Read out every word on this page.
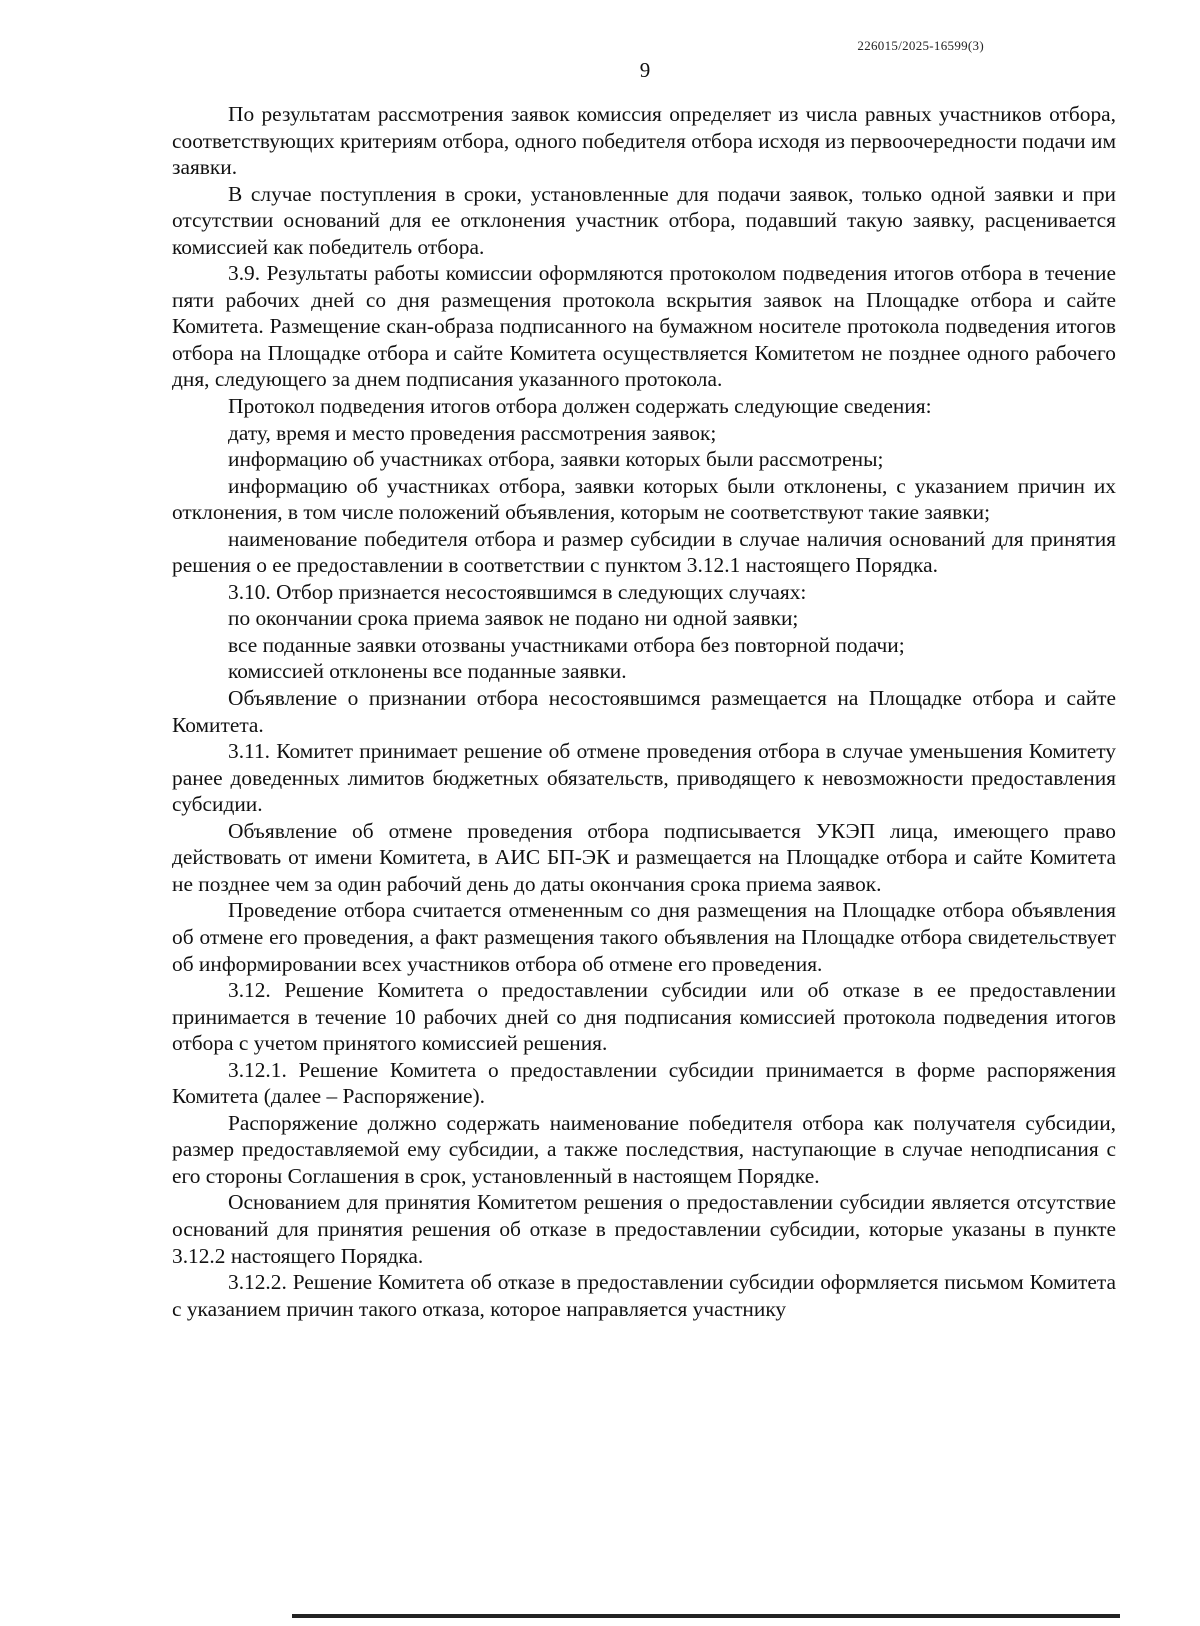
226015/2025-16599(3)
9

По результатам рассмотрения заявок комиссия определяет из числа равных участников отбора, соответствующих критериям отбора, одного победителя отбора исходя из первоочередности подачи им заявки.

В случае поступления в сроки, установленные для подачи заявок, только одной заявки и при отсутствии оснований для ее отклонения участник отбора, подавший такую заявку, расценивается комиссией как победитель отбора.

3.9. Результаты работы комиссии оформляются протоколом подведения итогов отбора в течение пяти рабочих дней со дня размещения протокола вскрытия заявок на Площадке отбора и сайте Комитета. Размещение скан-образа подписанного на бумажном носителе протокола подведения итогов отбора на Площадке отбора и сайте Комитета осуществляется Комитетом не позднее одного рабочего дня, следующего за днем подписания указанного протокола.

Протокол подведения итогов отбора должен содержать следующие сведения:

дату, время и место проведения рассмотрения заявок;

информацию об участниках отбора, заявки которых были рассмотрены;

информацию об участниках отбора, заявки которых были отклонены, с указанием причин их отклонения, в том числе положений объявления, которым не соответствуют такие заявки;

наименование победителя отбора и размер субсидии в случае наличия оснований для принятия решения о ее предоставлении в соответствии с пунктом 3.12.1 настоящего Порядка.

3.10. Отбор признается несостоявшимся в следующих случаях:

по окончании срока приема заявок не подано ни одной заявки;

все поданные заявки отозваны участниками отбора без повторной подачи;

комиссией отклонены все поданные заявки.

Объявление о признании отбора несостоявшимся размещается на Площадке отбора и сайте Комитета.

3.11. Комитет принимает решение об отмене проведения отбора в случае уменьшения Комитету ранее доведенных лимитов бюджетных обязательств, приводящего к невозможности предоставления субсидии.

Объявление об отмене проведения отбора подписывается УКЭП лица, имеющего право действовать от имени Комитета, в АИС БП-ЭК и размещается на Площадке отбора и сайте Комитета не позднее чем за один рабочий день до даты окончания срока приема заявок.

Проведение отбора считается отмененным со дня размещения на Площадке отбора объявления об отмене его проведения, а факт размещения такого объявления на Площадке отбора свидетельствует об информировании всех участников отбора об отмене его проведения.

3.12. Решение Комитета о предоставлении субсидии или об отказе в ее предоставлении принимается в течение 10 рабочих дней со дня подписания комиссией протокола подведения итогов отбора с учетом принятого комиссией решения.

3.12.1. Решение Комитета о предоставлении субсидии принимается в форме распоряжения Комитета (далее – Распоряжение).

Распоряжение должно содержать наименование победителя отбора как получателя субсидии, размер предоставляемой ему субсидии, а также последствия, наступающие в случае неподписания с его стороны Соглашения в срок, установленный в настоящем Порядке.

Основанием для принятия Комитетом решения о предоставлении субсидии является отсутствие оснований для принятия решения об отказе в предоставлении субсидии, которые указаны в пункте 3.12.2 настоящего Порядка.

3.12.2. Решение Комитета об отказе в предоставлении субсидии оформляется письмом Комитета с указанием причин такого отказа, которое направляется участнику
